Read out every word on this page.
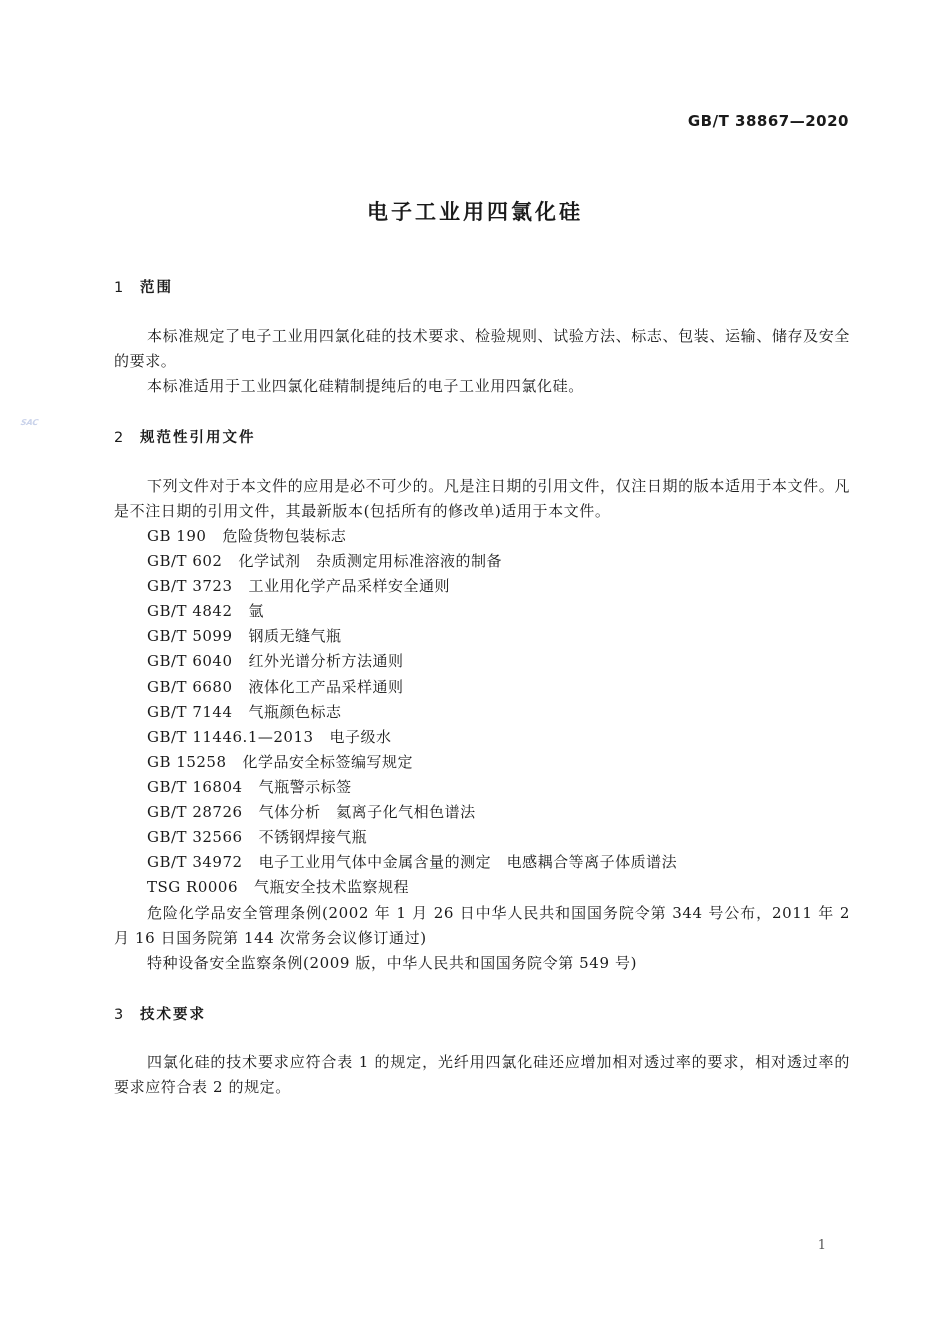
GB/T 38867—2020
SAC
电子工业用四氯化硅
1 范围

本标准规定了电子工业用四氯化硅的技术要求、检验规则、试验方法、标志、包装、运输、储存及安全的要求。

本标准适用于工业四氯化硅精制提纯后的电子工业用四氯化硅。

2 规范性引用文件

下列文件对于本文件的应用是必不可少的。凡是注日期的引用文件，仅注日期的版本适用于本文件。凡是不注日期的引用文件，其最新版本(包括所有的修改单)适用于本文件。

GB 190 危险货物包装标志
GB/T 602 化学试剂　杂质测定用标准溶液的制备
GB/T 3723 工业用化学产品采样安全通则
GB/T 4842 氩
GB/T 5099 钢质无缝气瓶
GB/T 6040 红外光谱分析方法通则
GB/T 6680 液体化工产品采样通则
GB/T 7144 气瓶颜色标志
GB/T 11446.1—2013 电子级水
GB 15258 化学品安全标签编写规定
GB/T 16804 气瓶警示标签
GB/T 28726 气体分析　氦离子化气相色谱法
GB/T 32566 不锈钢焊接气瓶
GB/T 34972 电子工业用气体中金属含量的测定　电感耦合等离子体质谱法
TSG R0006 气瓶安全技术监察规程

危险化学品安全管理条例(2002 年 1 月 26 日中华人民共和国国务院令第 344 号公布，2011 年 2 月 16 日国务院第 144 次常务会议修订通过)

特种设备安全监察条例(2009 版，中华人民共和国国务院令第 549 号)

3 技术要求

四氯化硅的技术要求应符合表 1 的规定，光纤用四氯化硅还应增加相对透过率的要求，相对透过率的要求应符合表 2 的规定。

1
